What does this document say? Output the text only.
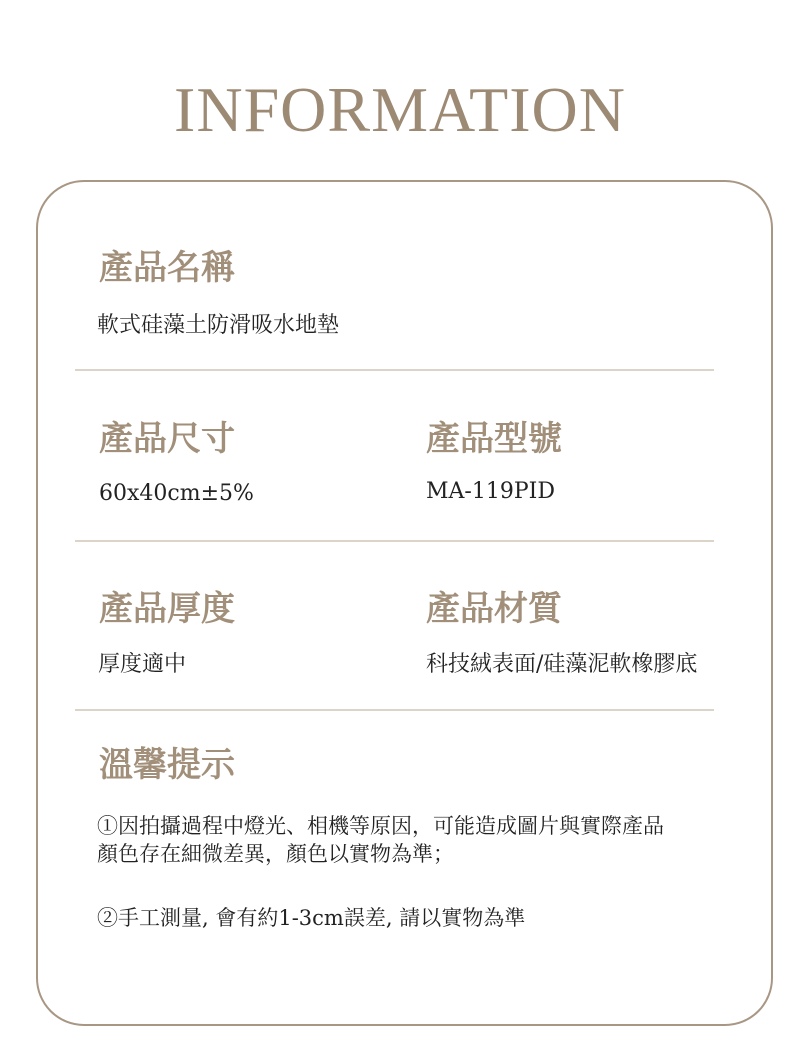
INFORMATION
產品名稱
軟式硅藻土防滑吸水地墊
產品尺寸
60x40cm±5%
產品型號
MA-119PID
產品厚度
厚度適中
產品材質
科技絨表面/硅藻泥軟橡膠底
溫馨提示
①因拍攝過程中燈光、相機等原因，可能造成圖片與實際產品
顏色存在細微差異，顏色以實物為準；
②手工測量, 會有約1-3cm誤差, 請以實物為準
